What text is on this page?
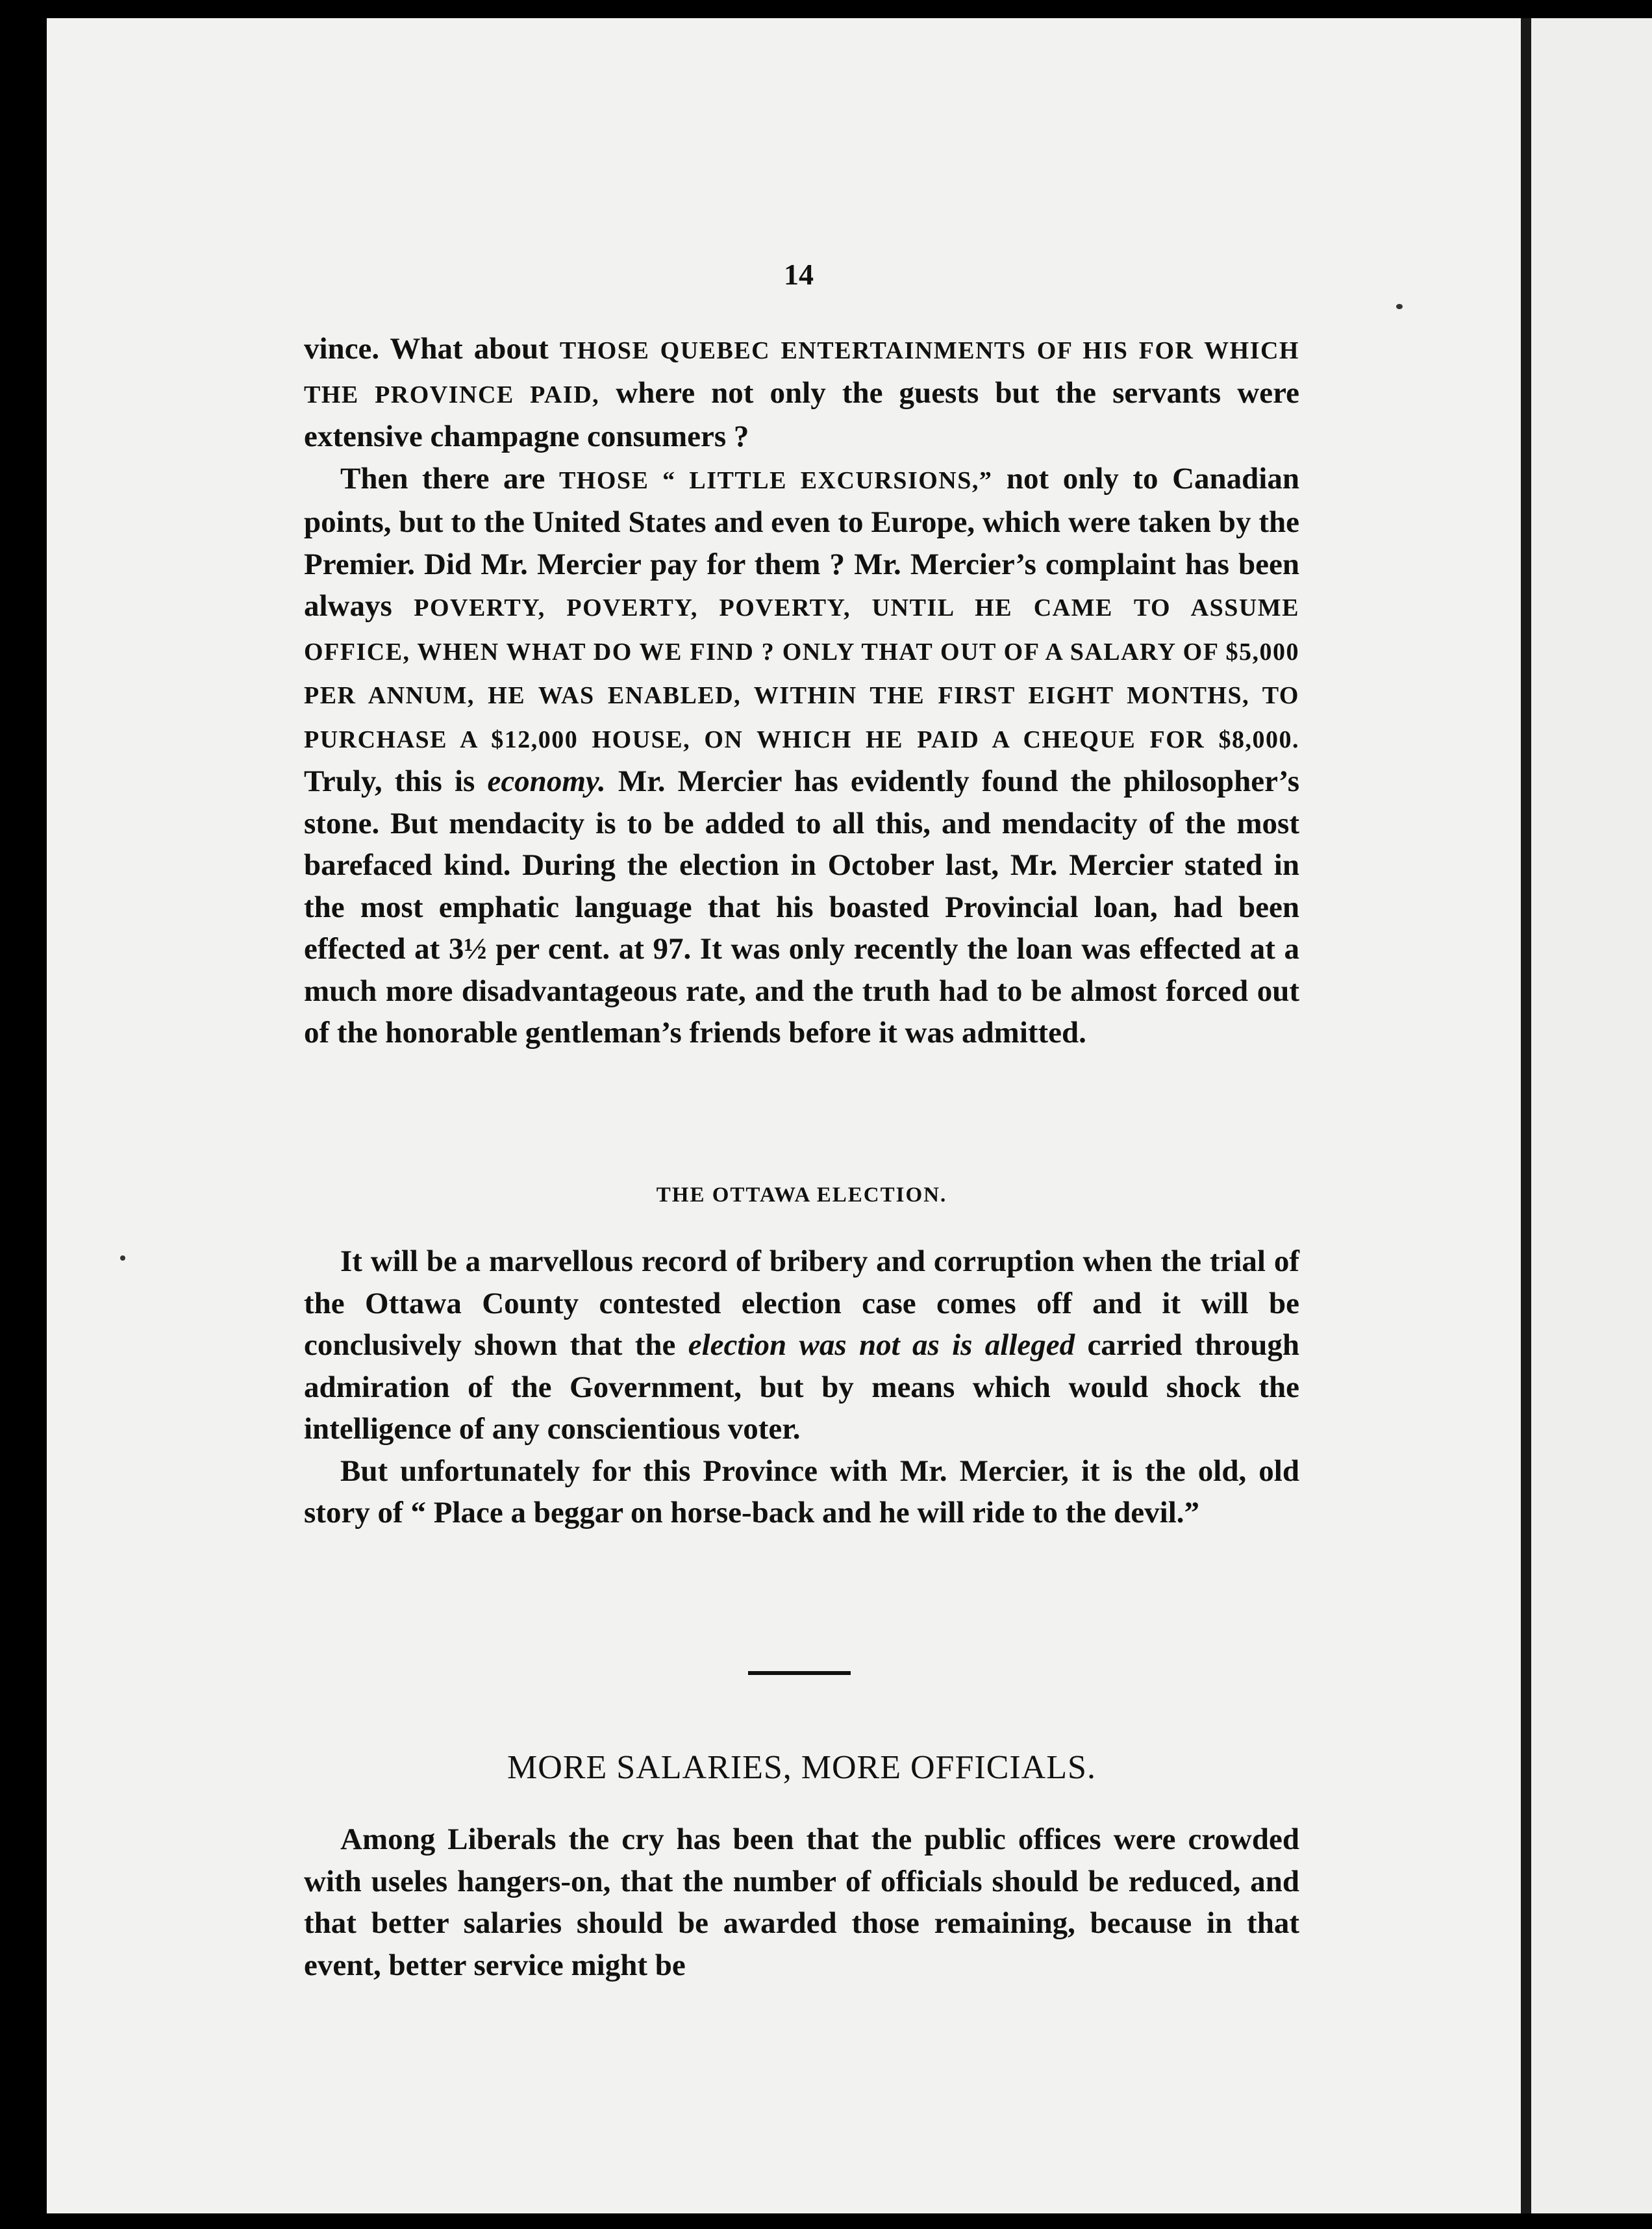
14

vince. What about THOSE QUEBEC ENTERTAINMENTS OF HIS FOR WHICH THE PROVINCE PAID, where not only the guests but the servants were extensive champagne consumers ?

Then there are THOSE “ LITTLE EXCURSIONS,” not only to Canadian points, but to the United States and even to Europe, which were taken by the Premier. Did Mr. Mercier pay for them ? Mr. Mercier’s complaint has been always POVERTY, POVERTY, POVERTY, UNTIL HE CAME TO ASSUME OFFICE, WHEN WHAT DO WE FIND ? ONLY THAT OUT OF A SALARY OF $5,000 PER ANNUM, HE WAS ENABLED, WITHIN THE FIRST EIGHT MONTHS, TO PURCHASE A $12,000 HOUSE, ON WHICH HE PAID A CHEQUE FOR $8,000. Truly, this is economy. Mr. Mercier has evidently found the philosopher’s stone. But mendacity is to be added to all this, and mendacity of the most barefaced kind. During the election in October last, Mr. Mercier stated in the most emphatic language that his boasted Provincial loan, had been effected at 3½ per cent. at 97. It was only recently the loan was effected at a much more disadvantageous rate, and the truth had to be almost forced out of the honorable gentleman’s friends before it was admitted.

THE OTTAWA ELECTION.

It will be a marvellous record of bribery and corruption when the trial of the Ottawa County contested election case comes off and it will be conclusively shown that the election was not as is alleged carried through admiration of the Government, but by means which would shock the intelligence of any conscientious voter.

But unfortunately for this Province with Mr. Mercier, it is the old, old story of “ Place a beggar on horse-back and he will ride to the devil.”

MORE SALARIES, MORE OFFICIALS.

Among Liberals the cry has been that the public offices were crowded with useles hangers-on, that the number of officials should be reduced, and that better salaries should be awarded those remaining, because in that event, better service might be
